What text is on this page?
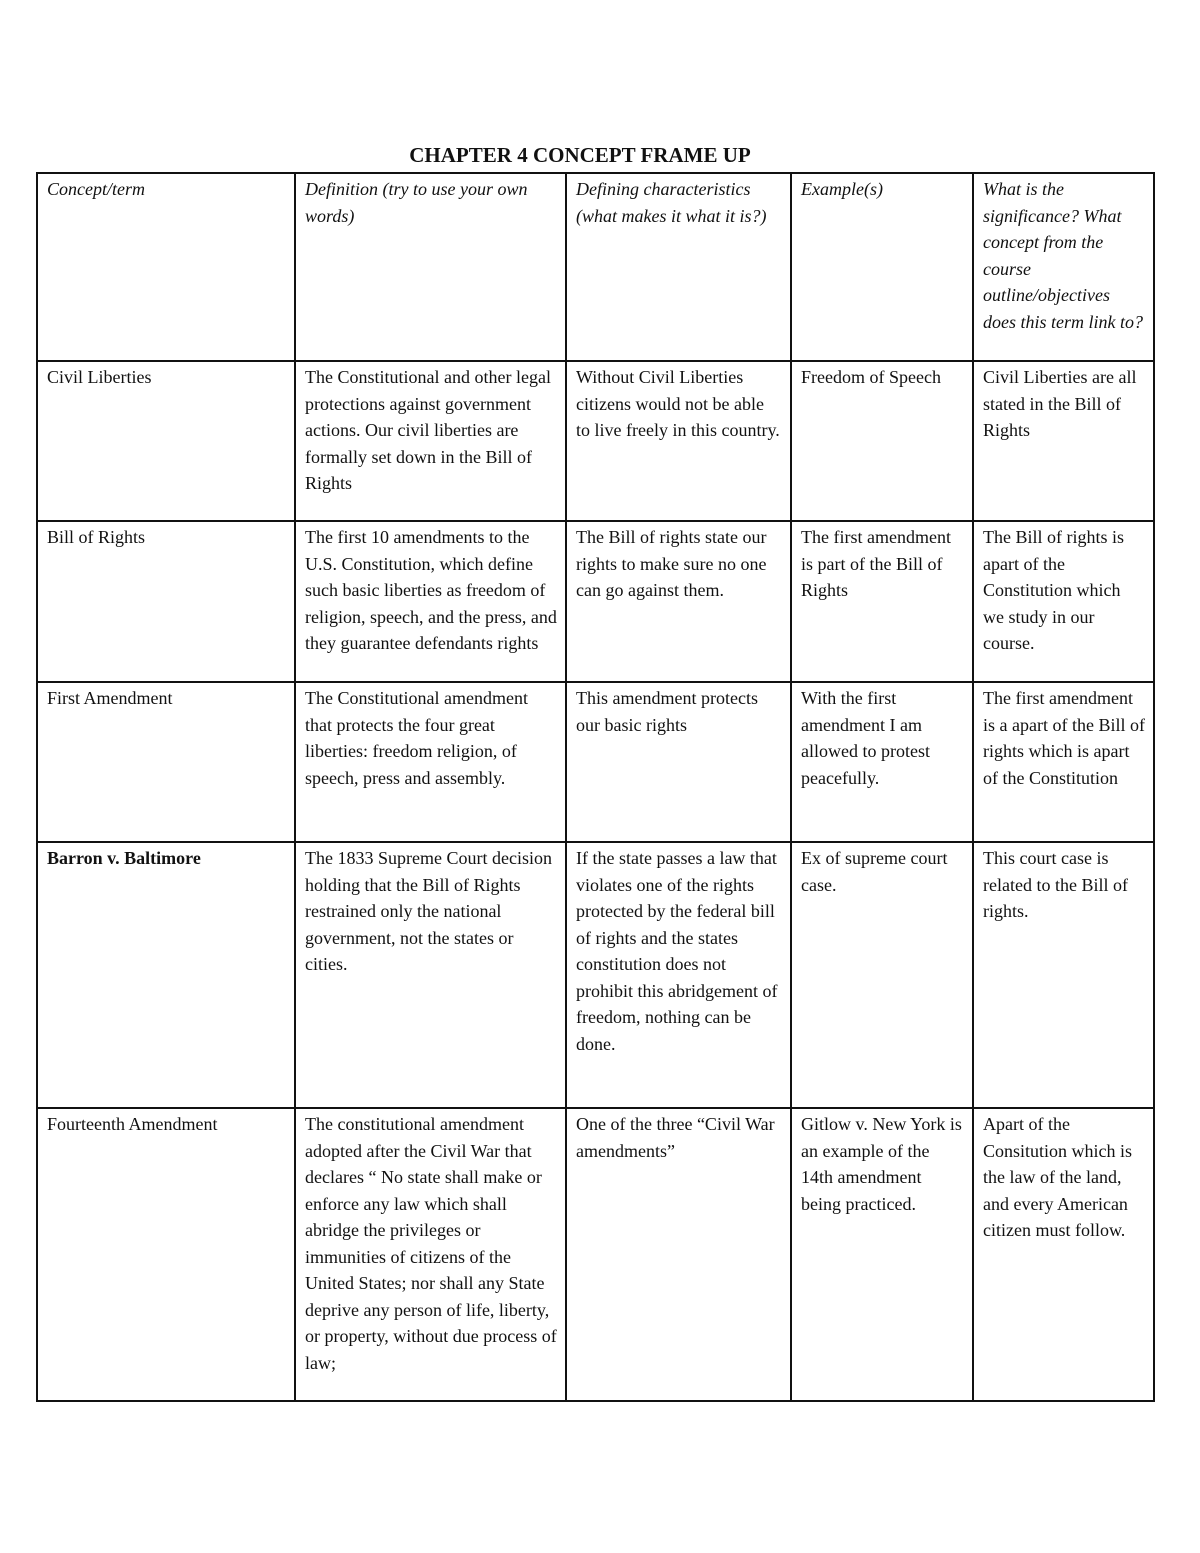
CHAPTER 4 CONCEPT FRAME UP
Concept/term	Definition (try to use your own words)	Defining characteristics (what makes it what it is?)	Example(s)	What is the significance? What concept from the course outline/objectives does this term link to?
Civil Liberties	The Constitutional and other legal protections against government actions. Our civil liberties are formally set down in the Bill of Rights	Without Civil Liberties citizens would not be able to live freely in this country.	Freedom of Speech	Civil Liberties are all stated in the Bill of Rights
Bill of Rights	The first 10 amendments to the U.S. Constitution, which define such basic liberties as freedom of religion, speech, and the press, and they guarantee defendants rights	The Bill of rights state our rights to make sure no one can go against them.	The first amendment is part of the Bill of Rights	The Bill of rights is apart of the Constitution which we study in our course.
First Amendment	The Constitutional amendment that protects the four great liberties: freedom religion, of speech, press and assembly.	This amendment protects our basic rights	With the first amendment I am allowed to protest peacefully.	The first amendment is a apart of the Bill of rights which is apart of the Constitution
Barron v. Baltimore	The 1833 Supreme Court decision holding that the Bill of Rights restrained only the national government, not the states or cities.	If the state passes a law that violates one of the rights protected by the federal bill of rights and the states constitution does not prohibit this abridgement of freedom, nothing can be done.	Ex of supreme court case.	This court case is related to the Bill of rights.
Fourteenth Amendment	The constitutional amendment adopted after the Civil War that declares “ No state shall make or enforce any law which shall abridge the privileges or immunities of citizens of the United States; nor shall any State deprive any person of life, liberty, or property, without due process of law;	One of the three “Civil War amendments”	Gitlow v. New York is an example of the 14th amendment being practiced.	Apart of the Consitution which is the law of the land, and every American citizen must follow.
